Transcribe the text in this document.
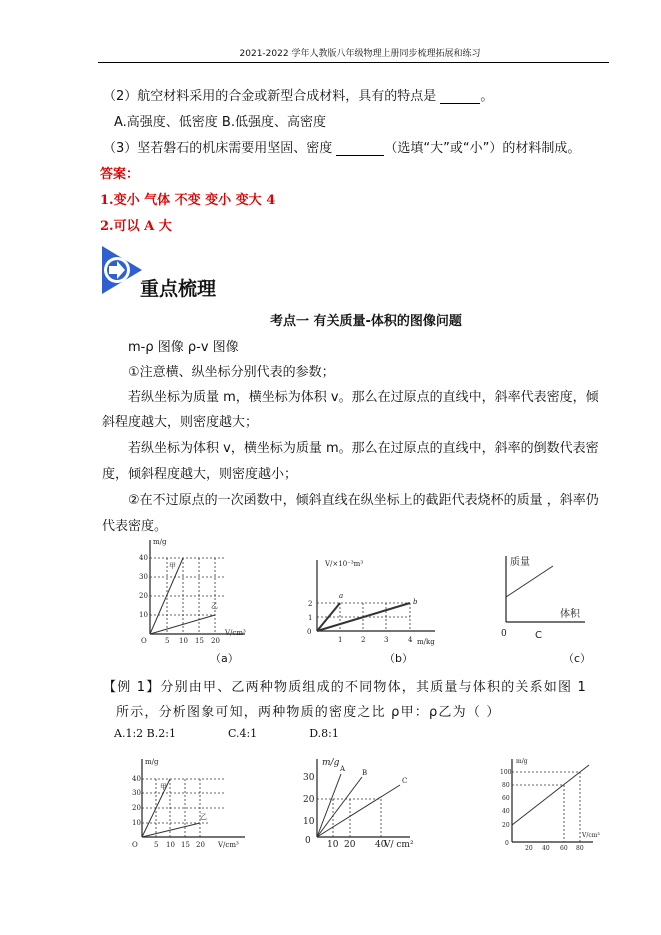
2021-2022 学年人教版八年级物理上册同步梳理拓展和练习
（2）航空材料采用的合金或新型合成材料，具有的特点是	。
A.高强度、低密度 B.低强度、高密度
（3）坚若磐石的机床需要用坚固、密度	（选填“大”或“小”）的材料制成。
答案：
1.变小 气体 不变 变小 变大 4
2.可以 A 大
重点梳理
考点一 有关质量-体积的图像问题
m-ρ 图像 ρ-v 图像
①注意横、纵坐标分别代表的参数；
若纵坐标为质量 m，横坐标为体积 v。那么在过原点的直线中，斜率代表密度，倾
斜程度越大，则密度越大；
若纵坐标为体积 v，横坐标为质量 m。那么在过原点的直线中，斜率的倒数代表密
度，倾斜程度越大，则密度越小；
②在不过原点的一次函数中，倾斜直线在纵坐标上的截距代表烧杯的质量 ，斜率仍
代表密度。
m/g
V/cm³
O
10
20
30
40
5 10 15 20
甲
乙
V/×10⁻³m³
m/kg
0
1
2
1	2	3	4
a
b
质量
体积
0	C
（a）	（b）	（c）
【例 1】分别由甲、乙两种物质组成的不同物体，其质量与体积的关系如图 1
所示，分析图象可知，两种物质的密度之比 ρ甲：ρ乙为（ ）
A.1:2 B.2:1	C.4:1	D.8:1
m/g
V/cm³
O
10
20
30
40
5 10 15 20
甲
乙
m/g
V/ cm²
0
10
20
30
10 20 40
A B
C
m/g
V/cm³
0
20
40
60
80
100
20 40 60 80
